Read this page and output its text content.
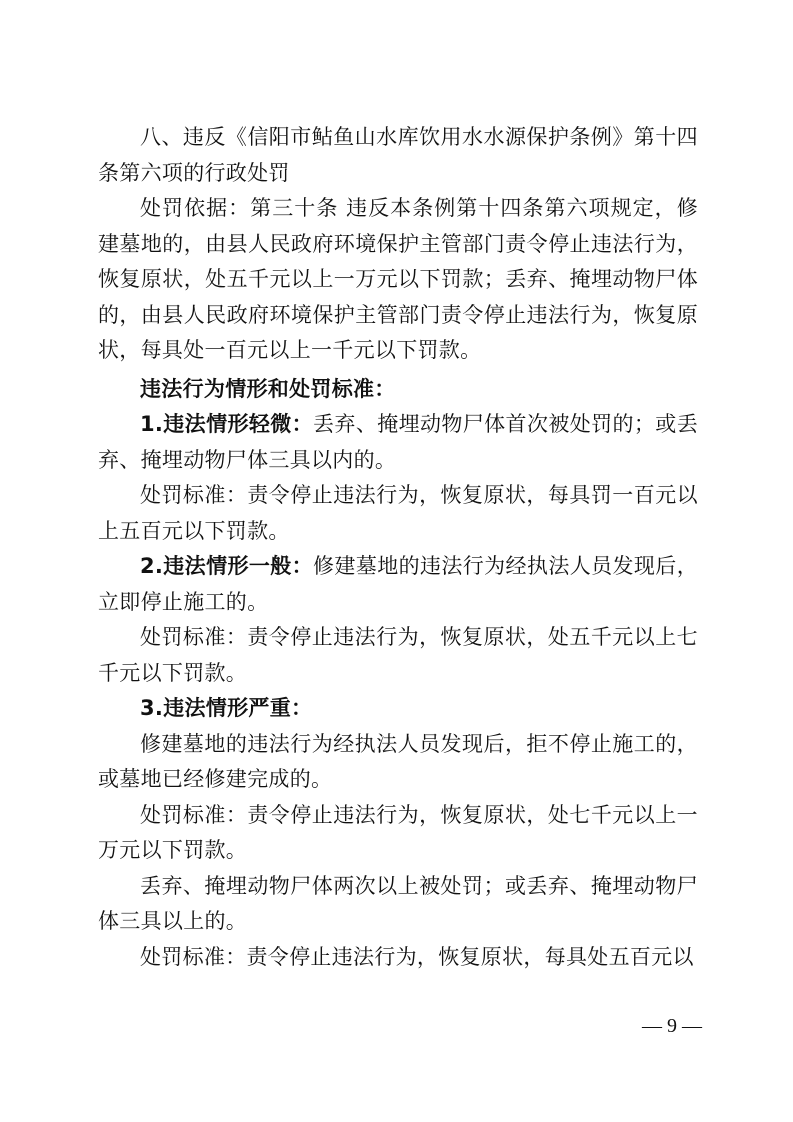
八、违反《信阳市鲇鱼山水库饮用水水源保护条例》第十四条第六项的行政处罚

处罚依据：第三十条 违反本条例第十四条第六项规定，修建墓地的，由县人民政府环境保护主管部门责令停止违法行为，恢复原状，处五千元以上一万元以下罚款；丢弃、掩埋动物尸体的，由县人民政府环境保护主管部门责令停止违法行为，恢复原状，每具处一百元以上一千元以下罚款。

违法行为情形和处罚标准：

1.违法情形轻微：丢弃、掩埋动物尸体首次被处罚的；或丢弃、掩埋动物尸体三具以内的。

处罚标准：责令停止违法行为，恢复原状，每具罚一百元以上五百元以下罚款。

2.违法情形一般：修建墓地的违法行为经执法人员发现后，立即停止施工的。

处罚标准：责令停止违法行为，恢复原状，处五千元以上七千元以下罚款。

3.违法情形严重：

修建墓地的违法行为经执法人员发现后，拒不停止施工的，或墓地已经修建完成的。

处罚标准：责令停止违法行为，恢复原状，处七千元以上一万元以下罚款。

丢弃、掩埋动物尸体两次以上被处罚；或丢弃、掩埋动物尸体三具以上的。

处罚标准：责令停止违法行为，恢复原状，每具处五百元以

— 9 —
